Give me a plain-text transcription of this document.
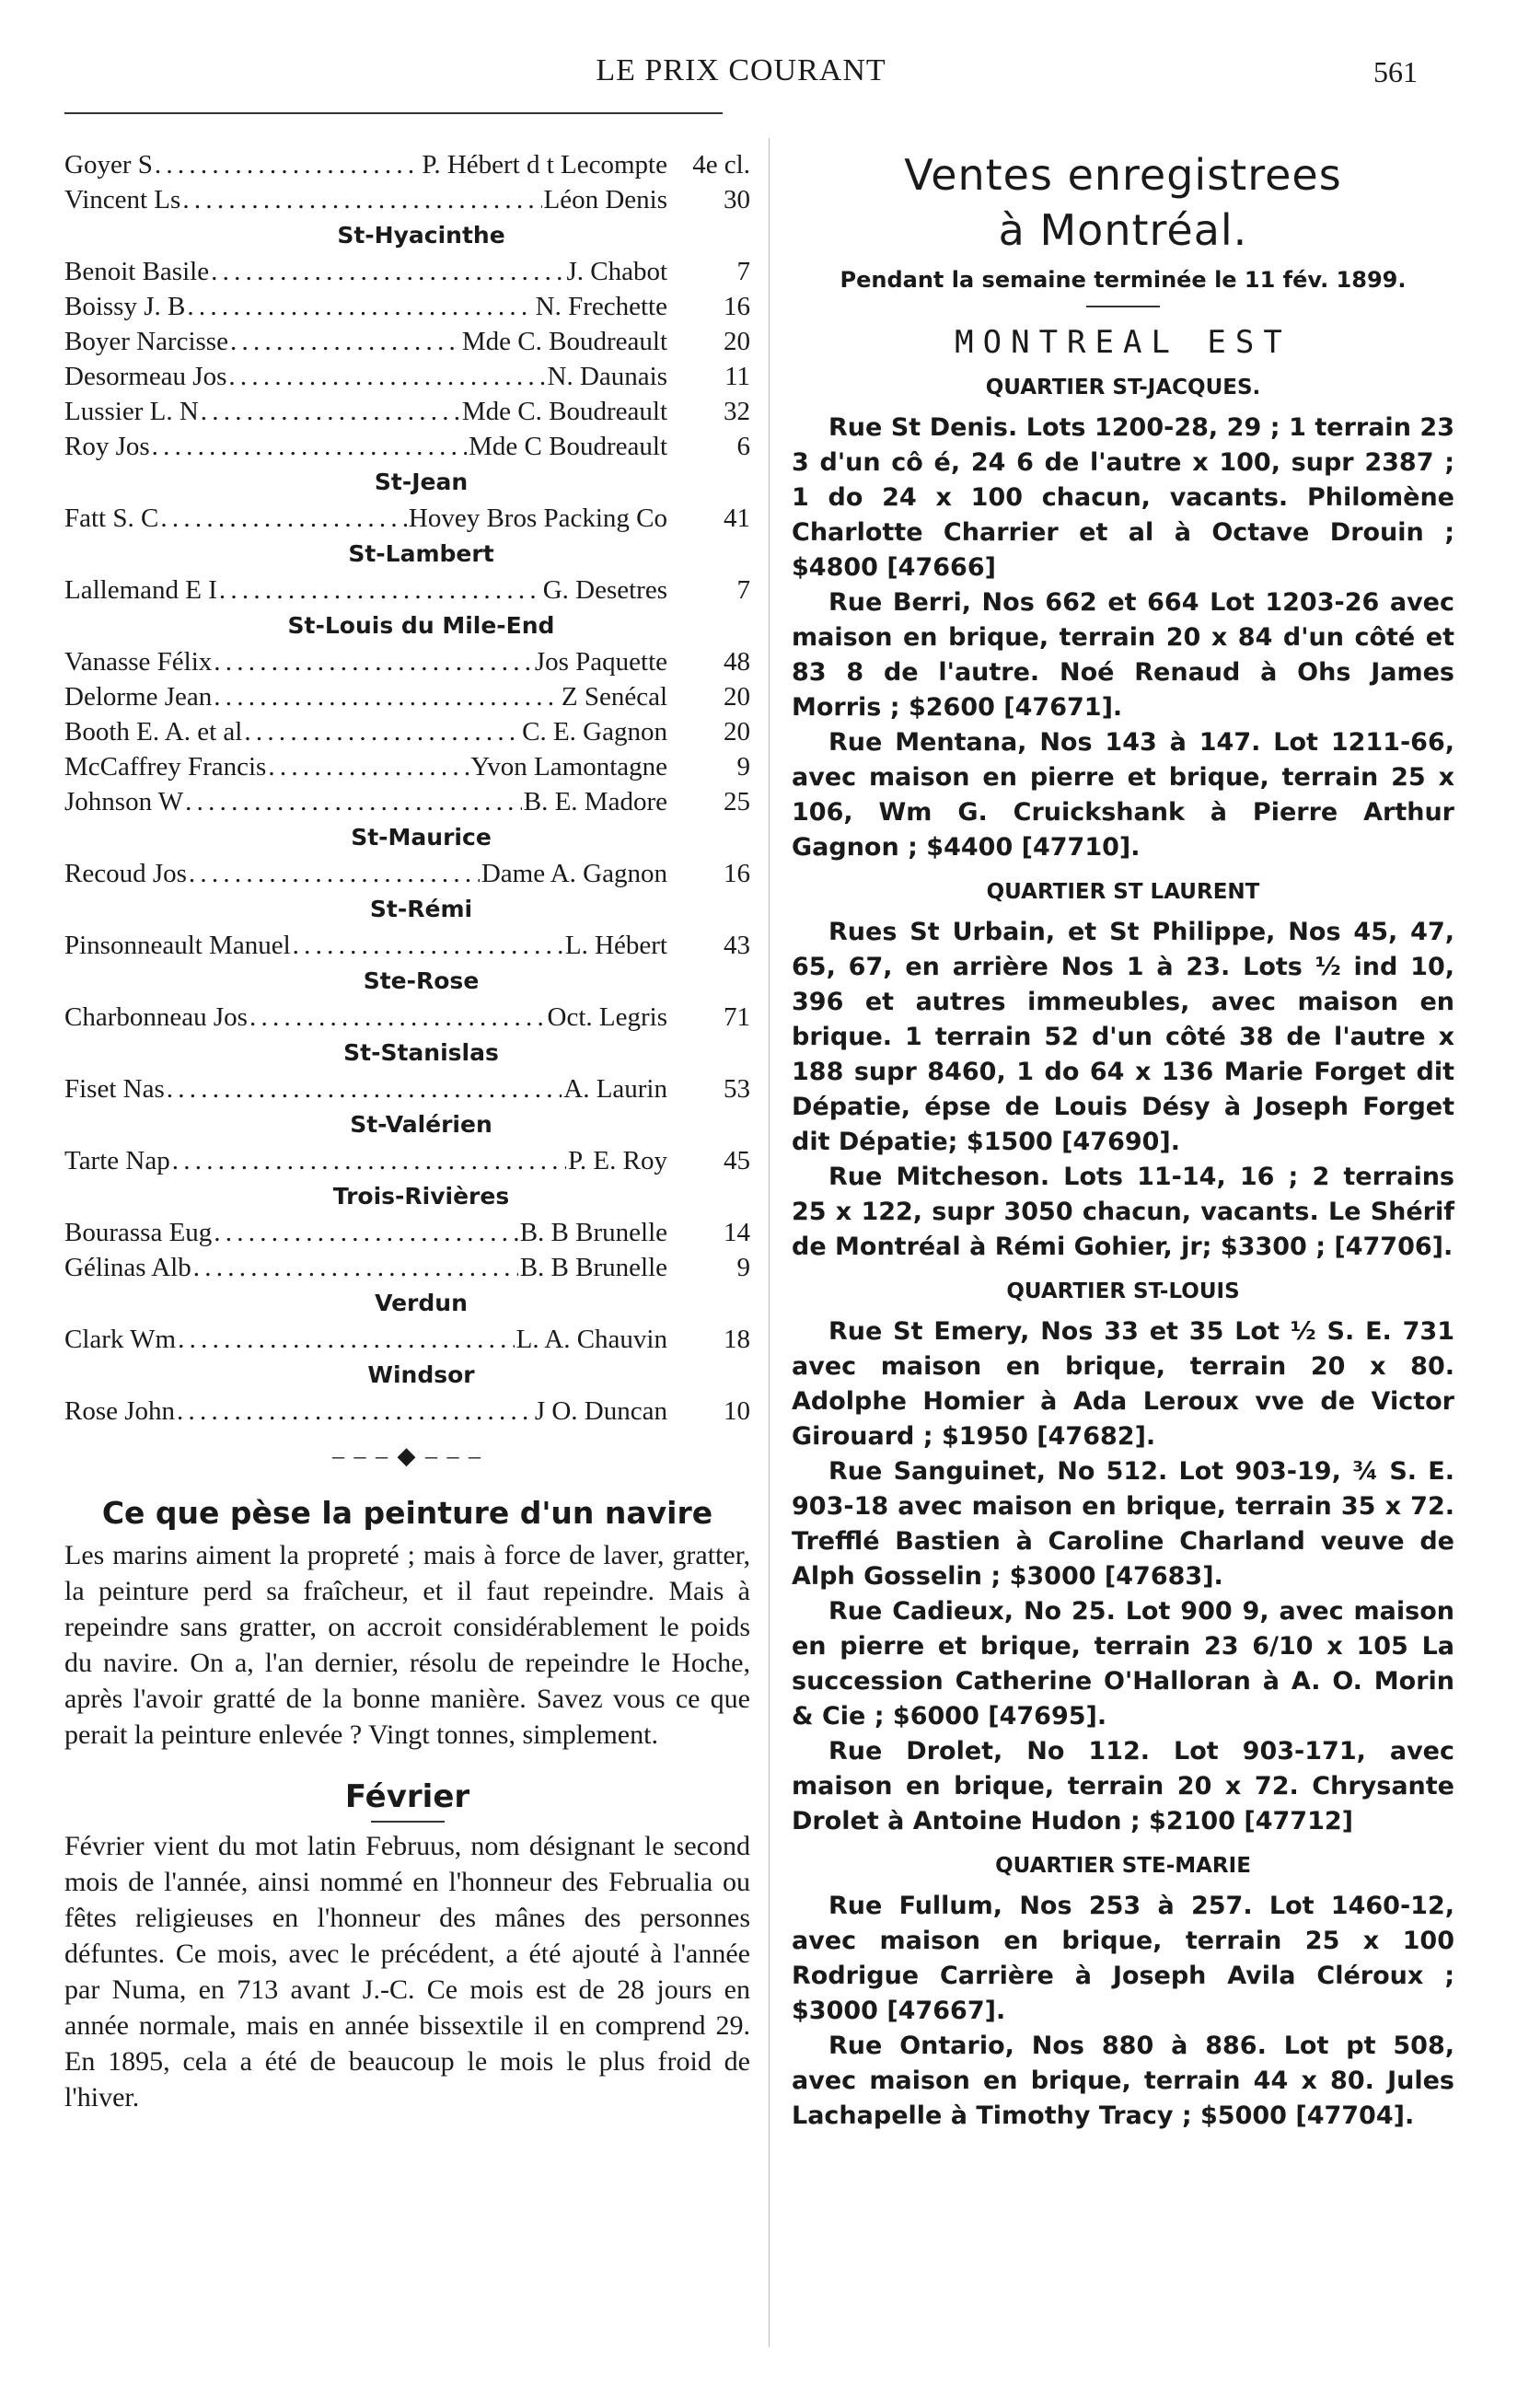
LE PRIX COURANT	561
Goyer S . . .	P. Hébert d t Lecompte 4e cl.
Vincent Ls . . .	Léon Denis	30
St-Hyacinthe
Benoit Basile . . .	J. Chabot	7
Boissy J. B . . .	N. Frechette	16
Boyer Narcisse . . .	Mde C. Boudreault	20
Desormeau Jos . . .	N. Daunais	11
Lussier L. N . . .	Mde C. Boudreault	32
Roy Jos . . .	Mde C Boudreault	6
St-Jean
Fatt S. C . . .	Hovey Bros Packing Co	41
St-Lambert
Lallemand E I . . .	G. Desetres	7
St-Louis du Mile-End
Vanasse Félix . . .	Jos Paquette	48
Delorme Jean . . .	Z Senécal	20
Booth E. A. et al . . .	C. E. Gagnon	20
McCaffrey Francis . . .	Yvon Lamontagne	9
Johnson W . . .	B. E. Madore	25
St-Maurice
Recoud Jos . . .	Dame A. Gagnon	16
St-Rémi
Pinsonneault Manuel . . .	L. Hébert	43
Ste-Rose
Charbonneau Jos . . .	Oct. Legris	71
St-Stanislas
Fiset Nas . . .	A. Laurin	53
St-Valérien
Tarte Nap . . .	P. E. Roy	45
Trois-Rivières
Bourassa Eug . . .	B. B Brunelle	14
Gélinas Alb . . .	B. B Brunelle	9
Verdun
Clark Wm . . .	L. A. Chauvin	18
Windsor
Rose John . . .	J O. Duncan	10
– – – ◆ – – –
Ce que pèse la peinture d'un navire

Les marins aiment la propreté ; mais à force de laver, gratter, la peinture perd sa fraîcheur, et il faut repeindre. Mais à repeindre sans gratter, on accroit considérablement le poids du navire. On a, l'an dernier, résolu de repeindre le Hoche, après l'avoir gratté de la bonne manière. Savez vous ce que perait la peinture enlevée ? Vingt tonnes, simplement.

Février

Février vient du mot latin Februus, nom désignant le second mois de l'année, ainsi nommé en l'honneur des Februalia ou fêtes religieuses en l'honneur des mânes des personnes défuntes. Ce mois, avec le précédent, a été ajouté à l'année par Numa, en 713 avant J.-C. Ce mois est de 28 jours en année normale, mais en année bissextile il en comprend 29. En 1895, cela a été de beaucoup le mois le plus froid de l'hiver.

Ventes enregistrees
à Montréal.
Pendant la semaine terminée le 11 fév. 1899.
MONTREAL EST
QUARTIER ST-JACQUES.

Rue St Denis. Lots 1200-28, 29 ; 1 terrain 23 3 d'un cô é, 24 6 de l'autre x 100, supr 2387 ; 1 do 24 x 100 chacun, vacants. Philomène Charlotte Charrier et al à Octave Drouin ; $4800 [47666]

Rue Berri, Nos 662 et 664 Lot 1203-26 avec maison en brique, terrain 20 x 84 d'un côté et 83 8 de l'autre. Noé Renaud à Ohs James Morris ; $2600 [47671].

Rue Mentana, Nos 143 à 147. Lot 1211-66, avec maison en pierre et brique, terrain 25 x 106, Wm G. Cruickshank à Pierre Arthur Gagnon ; $4400 [47710].

QUARTIER ST LAURENT

Rues St Urbain, et St Philippe, Nos 45, 47, 65, 67, en arrière Nos 1 à 23. Lots ½ ind 10, 396 et autres immeubles, avec maison en brique. 1 terrain 52 d'un côté 38 de l'autre x 188 supr 8460, 1 do 64 x 136 Marie Forget dit Dépatie, épse de Louis Désy à Joseph Forget dit Dépatie; $1500 [47690].

Rue Mitcheson. Lots 11-14, 16 ; 2 terrains 25 x 122, supr 3050 chacun, vacants. Le Shérif de Montréal à Rémi Gohier, jr; $3300 ; [47706].

QUARTIER ST-LOUIS

Rue St Emery, Nos 33 et 35 Lot ½ S. E. 731 avec maison en brique, terrain 20 x 80. Adolphe Homier à Ada Leroux vve de Victor Girouard ; $1950 [47682].

Rue Sanguinet, No 512. Lot 903-19, ¾ S. E. 903-18 avec maison en brique, terrain 35 x 72. Trefflé Bastien à Caroline Charland veuve de Alph Gosselin ; $3000 [47683].

Rue Cadieux, No 25. Lot 900 9, avec maison en pierre et brique, terrain 23 6/10 x 105 La succession Catherine O'Halloran à A. O. Morin & Cie ; $6000 [47695].

Rue Drolet, No 112. Lot 903-171, avec maison en brique, terrain 20 x 72. Chrysante Drolet à Antoine Hudon ; $2100 [47712]

QUARTIER STE-MARIE

Rue Fullum, Nos 253 à 257. Lot 1460-12, avec maison en brique, terrain 25 x 100 Rodrigue Carrière à Joseph Avila Cléroux ; $3000 [47667].

Rue Ontario, Nos 880 à 886. Lot pt 508, avec maison en brique, terrain 44 x 80. Jules Lachapelle à Timothy Tracy ; $5000 [47704].
